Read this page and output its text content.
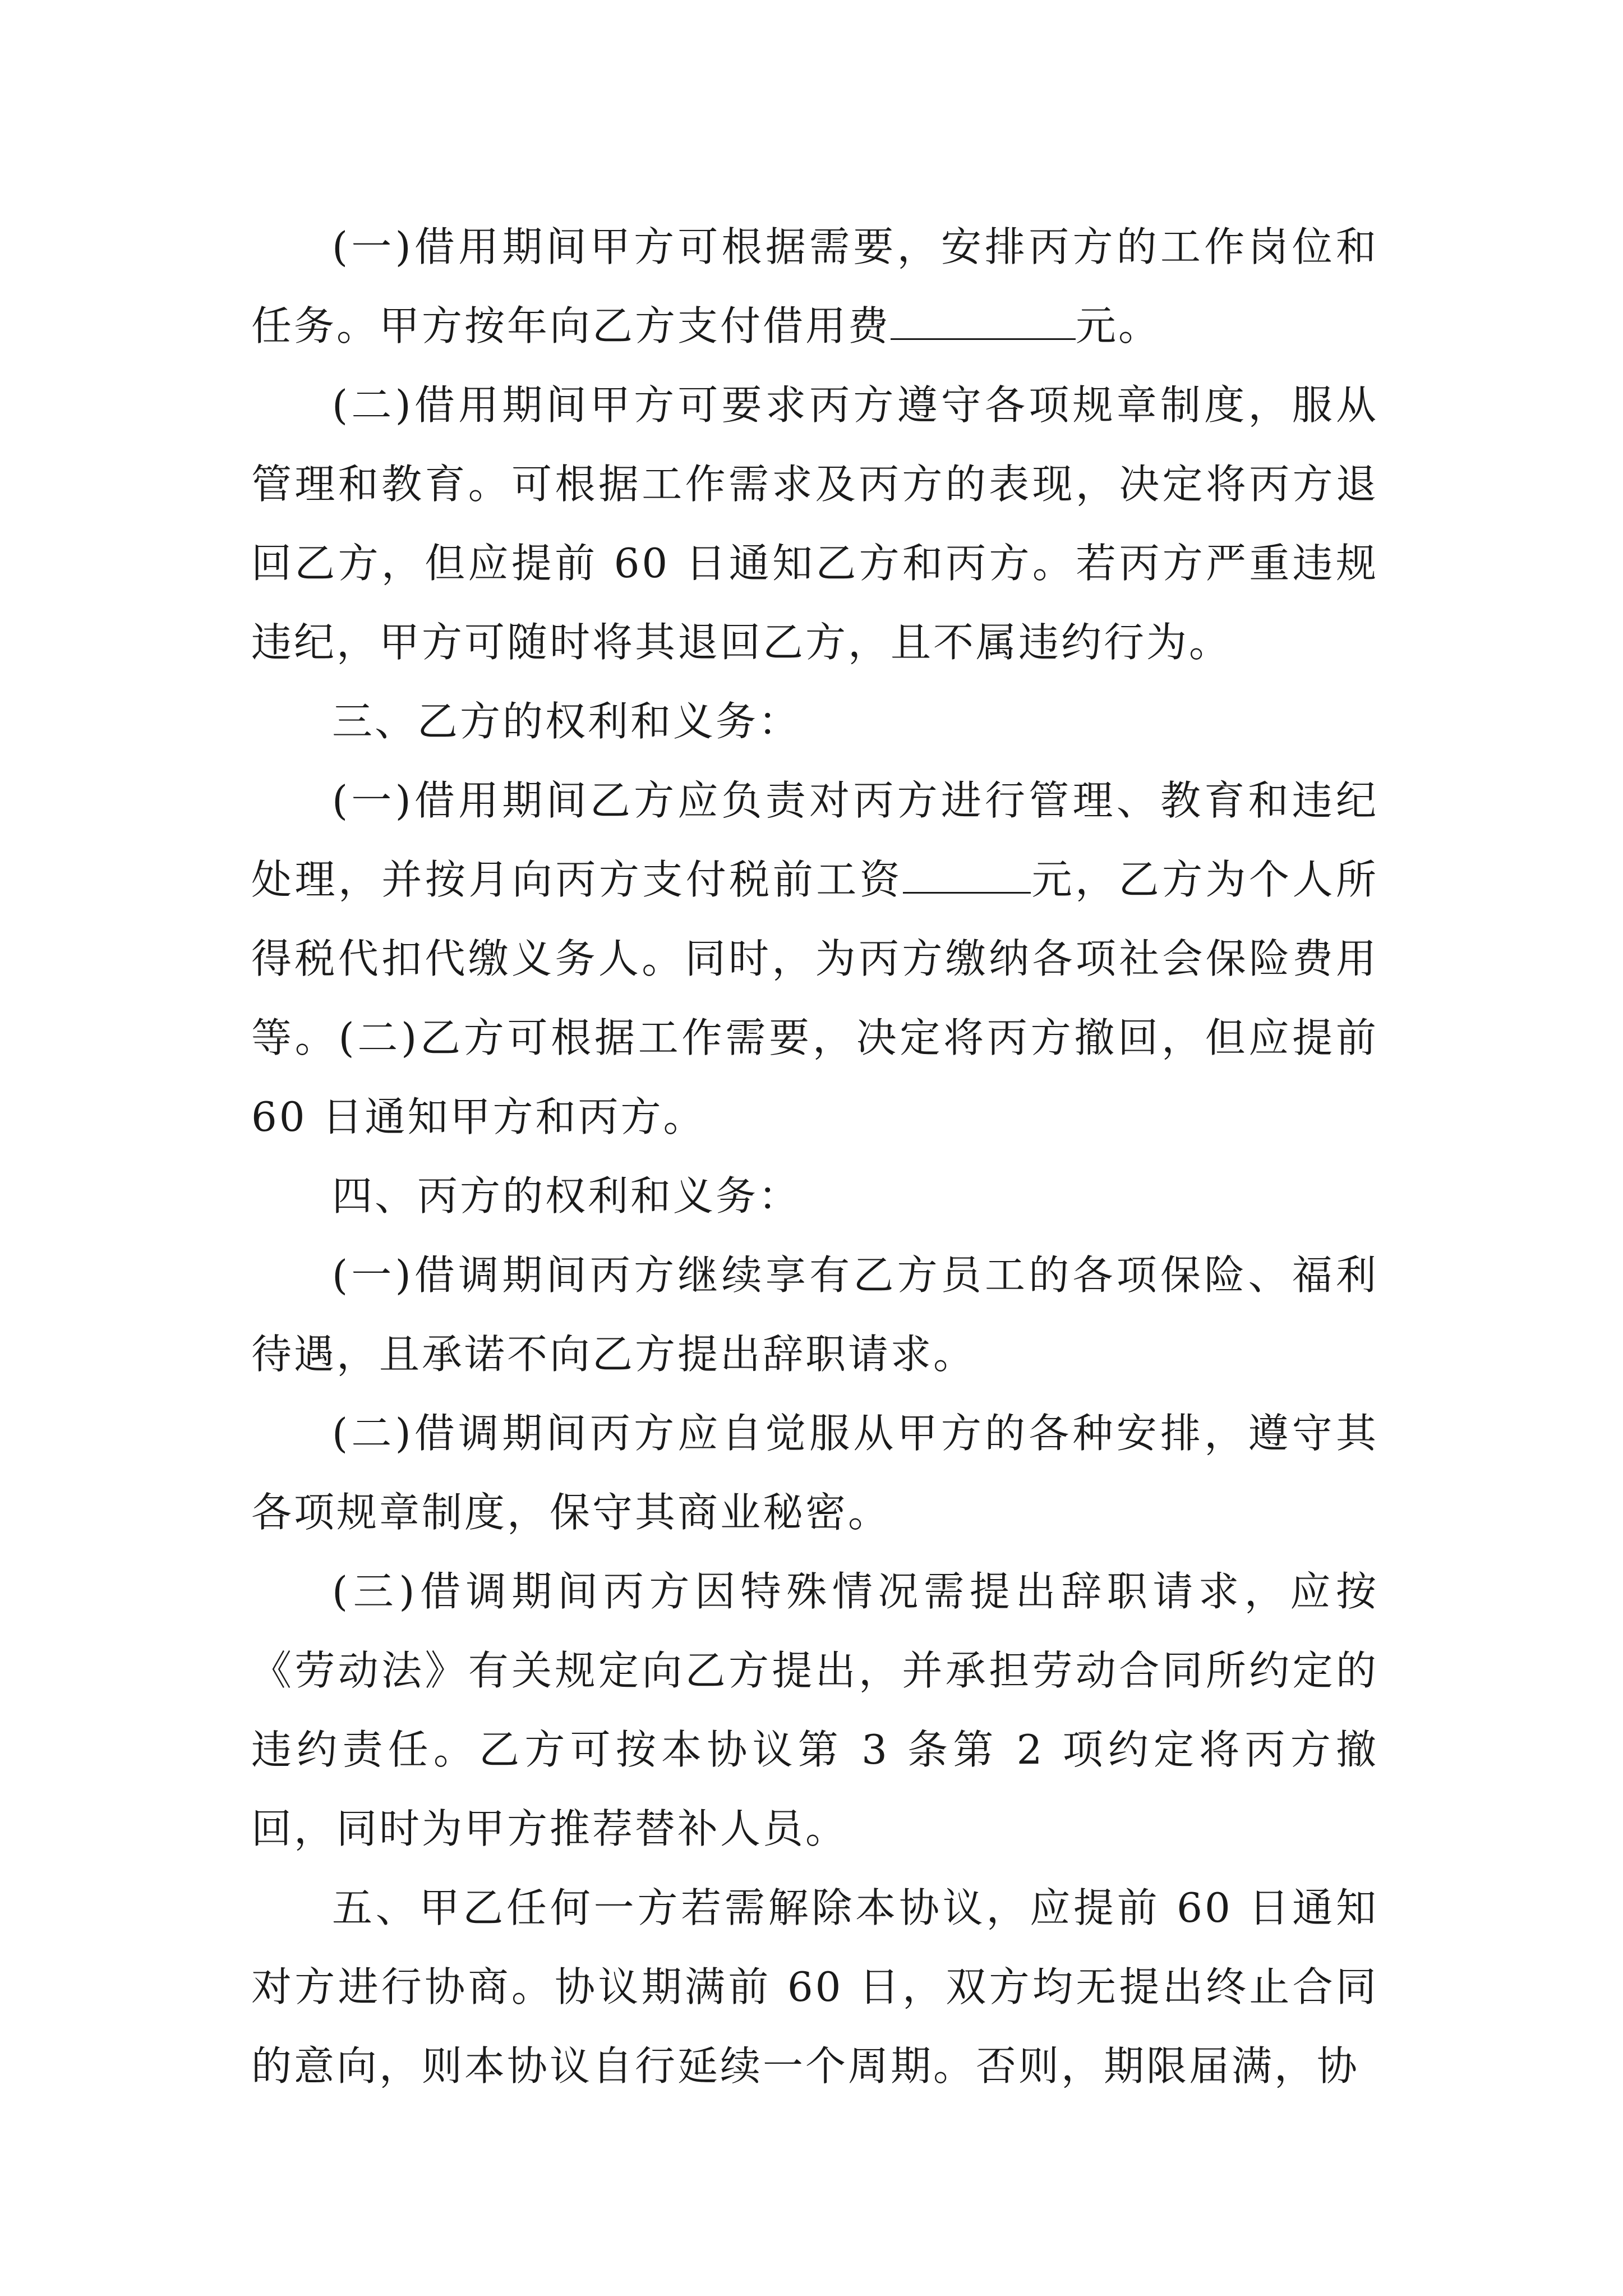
(一)借用期间甲方可根据需要，安排丙方的工作岗位和任务。甲方按年向乙方支付借用费	元。

(二)借用期间甲方可要求丙方遵守各项规章制度，服从管理和教育。可根据工作需求及丙方的表现，决定将丙方退回乙方，但应提前 60 日通知乙方和丙方。若丙方严重违规违纪，甲方可随时将其退回乙方，且不属违约行为。

三、乙方的权利和义务：

(一)借用期间乙方应负责对丙方进行管理、教育和违纪处理，并按月向丙方支付税前工资	元，乙方为个人所得税代扣代缴义务人。同时，为丙方缴纳各项社会保险费用等。(二)乙方可根据工作需要，决定将丙方撤回，但应提前 60 日通知甲方和丙方。

四、丙方的权利和义务：

(一)借调期间丙方继续享有乙方员工的各项保险、福利待遇，且承诺不向乙方提出辞职请求。

(二)借调期间丙方应自觉服从甲方的各种安排，遵守其各项规章制度，保守其商业秘密。

(三)借调期间丙方因特殊情况需提出辞职请求，应按《劳动法》有关规定向乙方提出，并承担劳动合同所约定的违约责任。乙方可按本协议第 3 条第 2 项约定将丙方撤回，同时为甲方推荐替补人员。

五、甲乙任何一方若需解除本协议，应提前 60 日通知对方进行协商。协议期满前 60 日，双方均无提出终止合同的意向，则本协议自行延续一个周期。否则，期限届满，协
